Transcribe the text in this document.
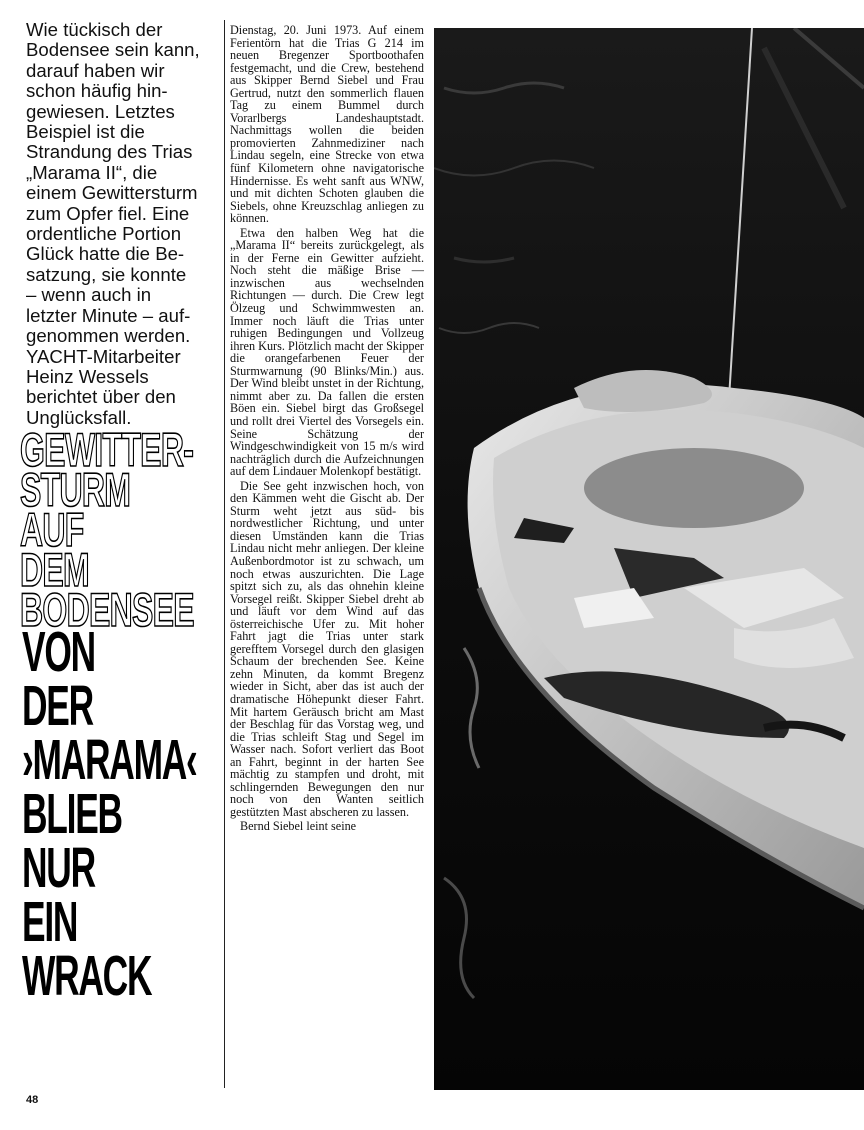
Wie tückisch der
Bodensee sein kann,
darauf haben wir
schon häufig hin-
gewiesen. Letztes
Beispiel ist die
Strandung des Trias
„Marama II“, die
einem Gewittersturm
zum Opfer fiel. Eine
ordentliche Portion
Glück hatte die Be-
satzung, sie konnte
– wenn auch in
letzter Minute – auf-
genommen werden.
YACHT-Mitarbeiter
Heinz Wessels
berichtet über den
Unglücksfall.
GEWITTER-
STURM
AUF DEM
BODENSEE
VON DER
›MARAMA‹
BLIEB
NUR EIN
WRACK

Dienstag, 20. Juni 1973. Auf einem Ferientörn hat die Trias G 214 im neuen Bregenzer Sportboothafen festgemacht, und die Crew, bestehend aus Skipper Bernd Siebel und Frau Gertrud, nutzt den sommerlich flauen Tag zu einem Bummel durch Vorarlbergs Landeshauptstadt. Nachmittags wollen die beiden promovierten Zahnmediziner nach Lindau segeln, eine Strecke von etwa fünf Kilometern ohne navigatorische Hindernisse. Es weht sanft aus WNW, und mit dichten Schoten glauben die Siebels, ohne Kreuzschlag anliegen zu können.

Etwa den halben Weg hat die „Marama II“ bereits zurückgelegt, als in der Ferne ein Gewitter aufzieht. Noch steht die mäßige Brise — inzwischen aus wechselnden Richtungen — durch. Die Crew legt Ölzeug und Schwimmwesten an. Immer noch läuft die Trias unter ruhigen Bedingungen und Vollzeug ihren Kurs. Plötzlich macht der Skipper die orangefarbenen Feuer der Sturmwarnung (90 Blinks/Min.) aus. Der Wind bleibt unstet in der Richtung, nimmt aber zu. Da fallen die ersten Böen ein. Siebel birgt das Großsegel und rollt drei Viertel des Vorsegels ein. Seine Schätzung der Windgeschwindigkeit von 15 m/s wird nachträglich durch die Aufzeichnungen auf dem Lindauer Molenkopf bestätigt.

Die See geht inzwischen hoch, von den Kämmen weht die Gischt ab. Der Sturm weht jetzt aus süd- bis nordwestlicher Richtung, und unter diesen Umständen kann die Trias Lindau nicht mehr anliegen. Der kleine Außenbordmotor ist zu schwach, um noch etwas auszurichten. Die Lage spitzt sich zu, als das ohnehin kleine Vorsegel reißt. Skipper Siebel dreht ab und läuft vor dem Wind auf das österreichische Ufer zu. Mit hoher Fahrt jagt die Trias unter stark gerefftem Vorsegel durch den glasigen Schaum der brechenden See. Keine zehn Minuten, da kommt Bregenz wieder in Sicht, aber das ist auch der dramatische Höhepunkt dieser Fahrt. Mit hartem Geräusch bricht am Mast der Beschlag für das Vorstag weg, und die Trias schleift Stag und Segel im Wasser nach. Sofort verliert das Boot an Fahrt, beginnt in der harten See mächtig zu stampfen und droht, mit schlingernden Bewegungen den nur noch von den Wanten seitlich gestützten Mast abscheren zu lassen.

Bernd Siebel leint seine

48
